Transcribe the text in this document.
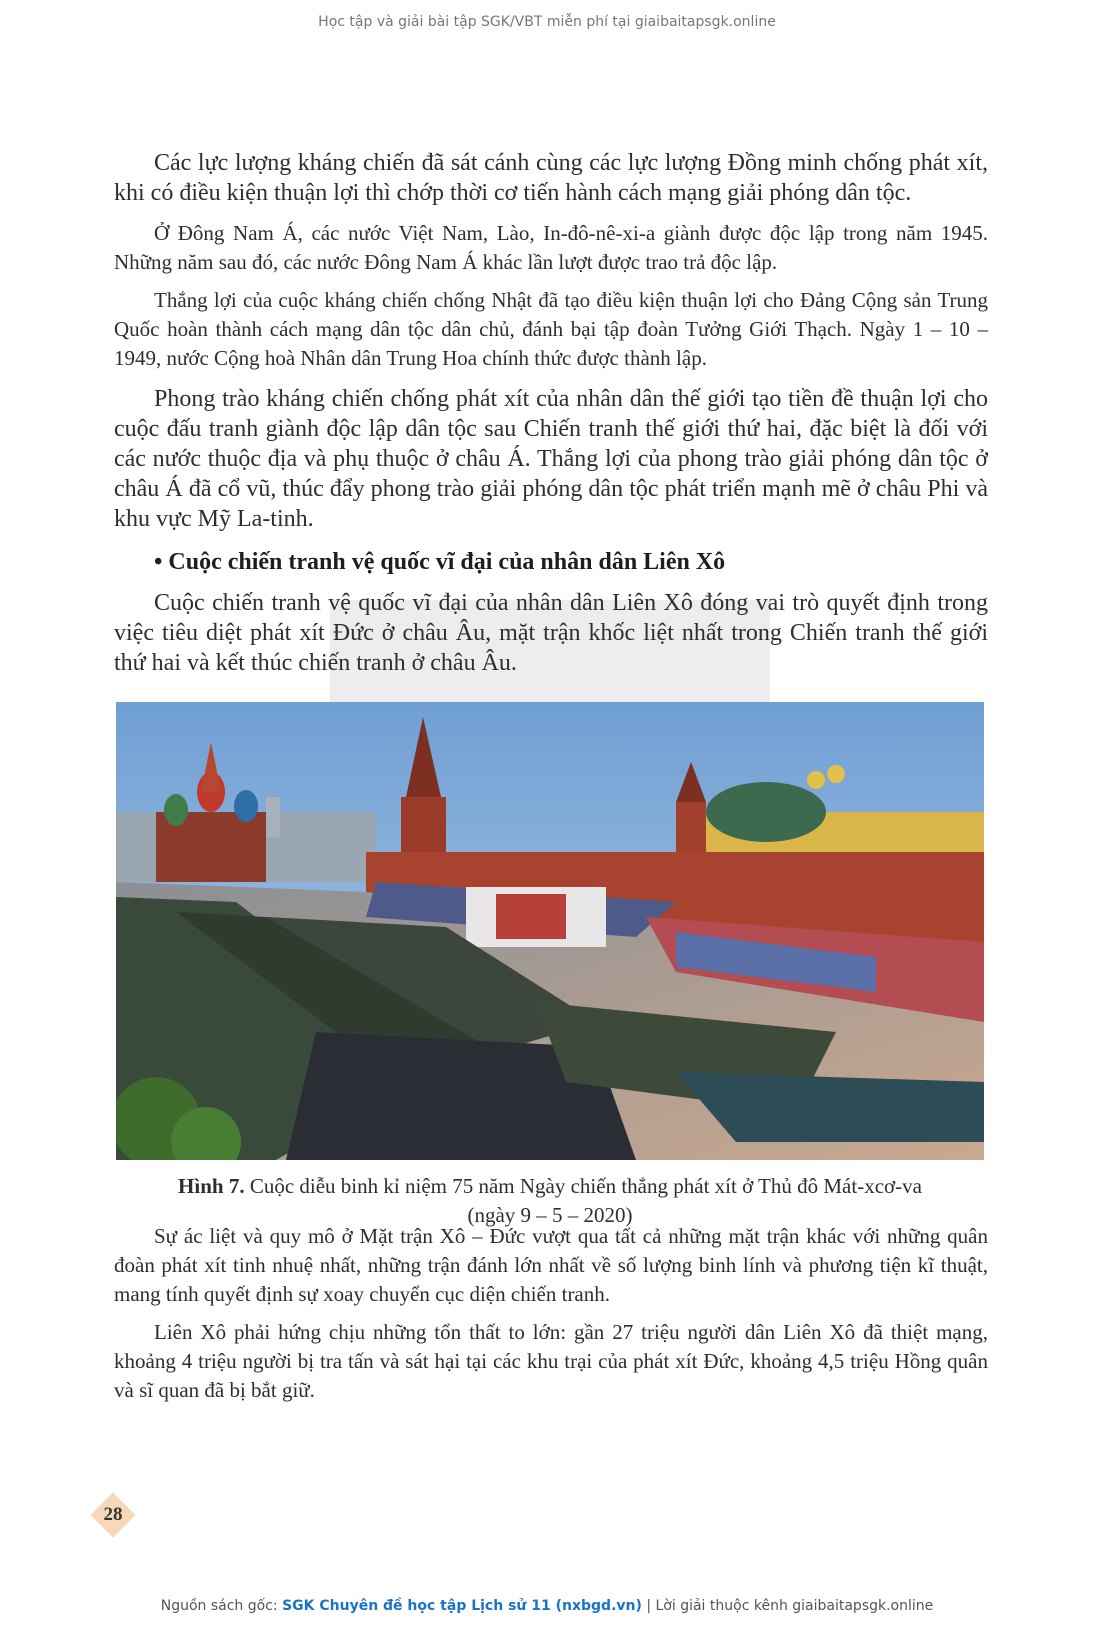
Học tập và giải bài tập SGK/VBT miễn phí tại giaibaitapsgk.online

Các lực lượng kháng chiến đã sát cánh cùng các lực lượng Đồng minh chống phát xít, khi có điều kiện thuận lợi thì chớp thời cơ tiến hành cách mạng giải phóng dân tộc.

Ở Đông Nam Á, các nước Việt Nam, Lào, In-đô-nê-xi-a giành được độc lập trong năm 1945. Những năm sau đó, các nước Đông Nam Á khác lần lượt được trao trả độc lập.

Thắng lợi của cuộc kháng chiến chống Nhật đã tạo điều kiện thuận lợi cho Đảng Cộng sản Trung Quốc hoàn thành cách mạng dân tộc dân chủ, đánh bại tập đoàn Tưởng Giới Thạch. Ngày 1 – 10 – 1949, nước Cộng hoà Nhân dân Trung Hoa chính thức được thành lập.

Phong trào kháng chiến chống phát xít của nhân dân thế giới tạo tiền đề thuận lợi cho cuộc đấu tranh giành độc lập dân tộc sau Chiến tranh thế giới thứ hai, đặc biệt là đối với các nước thuộc địa và phụ thuộc ở châu Á. Thắng lợi của phong trào giải phóng dân tộc ở châu Á đã cổ vũ, thúc đẩy phong trào giải phóng dân tộc phát triển mạnh mẽ ở châu Phi và khu vực Mỹ La-tinh.

• Cuộc chiến tranh vệ quốc vĩ đại của nhân dân Liên Xô

Cuộc chiến tranh vệ quốc vĩ đại của nhân dân Liên Xô đóng vai trò quyết định trong việc tiêu diệt phát xít Đức ở châu Âu, mặt trận khốc liệt nhất trong Chiến tranh thế giới thứ hai và kết thúc chiến tranh ở châu Âu.

Hình 7. Cuộc diễu binh kỉ niệm 75 năm Ngày chiến thắng phát xít ở Thủ đô Mát-xcơ-va
(ngày 9 – 5 – 2020)

Sự ác liệt và quy mô ở Mặt trận Xô – Đức vượt qua tất cả những mặt trận khác với những quân đoàn phát xít tinh nhuệ nhất, những trận đánh lớn nhất về số lượng binh lính và phương tiện kĩ thuật, mang tính quyết định sự xoay chuyển cục diện chiến tranh.

Liên Xô phải hứng chịu những tổn thất to lớn: gần 27 triệu người dân Liên Xô đã thiệt mạng, khoảng 4 triệu người bị tra tấn và sát hại tại các khu trại của phát xít Đức, khoảng 4,5 triệu Hồng quân và sĩ quan đã bị bắt giữ.

28
Nguồn sách gốc: SGK Chuyên đề học tập Lịch sử 11 (nxbgd.vn) | Lời giải thuộc kênh giaibaitapsgk.online
